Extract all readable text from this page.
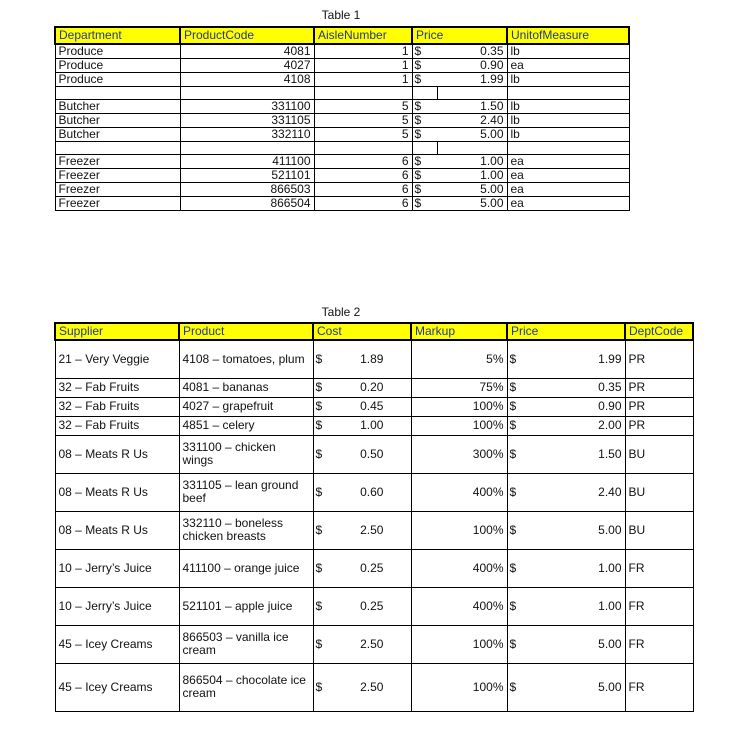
Table 1
Department	ProductCode	AisleNumber	Price		UnitofMeasure
Produce	4081	1	$	0.35	lb
Produce	4027	1	$	0.90	ea
Produce	4108	1	$	1.99	lb

Butcher	331100	5	$	1.50	lb
Butcher	331105	5	$	2.40	lb
Butcher	332110	5	$	5.00	lb

Freezer	411100	6	$	1.00	ea
Freezer	521101	6	$	1.00	ea
Freezer	866503	6	$	5.00	ea
Freezer	866504	6	$	5.00	ea
Table 2
Supplier	Product	Cost		Markup	Price		DeptCode
21 – Very Veggie	4108 – tomatoes, plum	$	1.89	5%	$	1.99	PR
32 – Fab Fruits	4081 – bananas	$	0.20	75%	$	0.35	PR
32 – Fab Fruits	4027 – grapefruit	$	0.45	100%	$	0.90	PR
32 – Fab Fruits	4851 – celery	$	1.00	100%	$	2.00	PR
08 – Meats R Us	331100 – chicken wings	$	0.50	300%	$	1.50	BU
08 – Meats R Us	331105 – lean ground beef	$	0.60	400%	$	2.40	BU
08 – Meats R Us	332110 – boneless chicken breasts	$	2.50	100%	$	5.00	BU
10 – Jerry’s Juice	411100 – orange juice	$	0.25	400%	$	1.00	FR
10 – Jerry’s Juice	521101 – apple juice	$	0.25	400%	$	1.00	FR
45 – Icey Creams	866503 – vanilla ice cream	$	2.50	100%	$	5.00	FR
45 – Icey Creams	866504 – chocolate ice cream	$	2.50	100%	$	5.00	FR
